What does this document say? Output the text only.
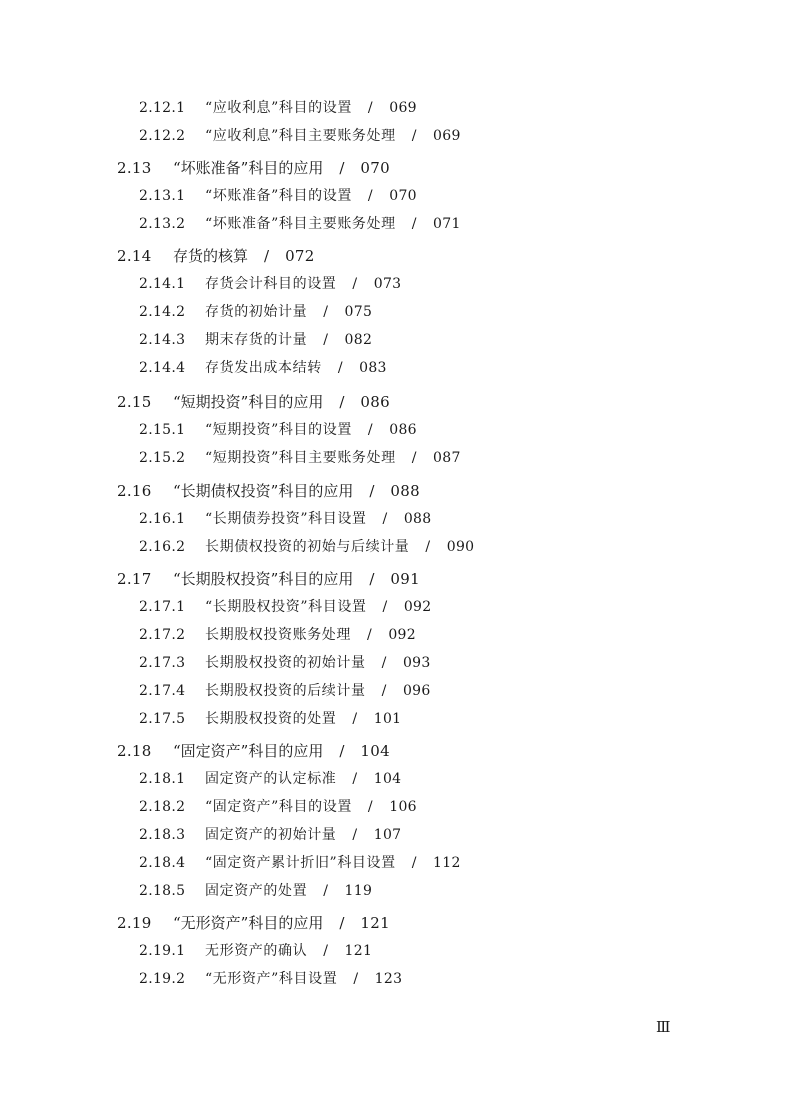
2.12.1 “应收利息”科目的设置 / 069
2.12.2 “应收利息”科目主要账务处理 / 069
2.13 “坏账准备”科目的应用 / 070
2.13.1 “坏账准备”科目的设置 / 070
2.13.2 “坏账准备”科目主要账务处理 / 071
2.14 存货的核算 / 072
2.14.1 存货会计科目的设置 / 073
2.14.2 存货的初始计量 / 075
2.14.3 期末存货的计量 / 082
2.14.4 存货发出成本结转 / 083
2.15 “短期投资”科目的应用 / 086
2.15.1 “短期投资”科目的设置 / 086
2.15.2 “短期投资”科目主要账务处理 / 087
2.16 “长期债权投资”科目的应用 / 088
2.16.1 “长期债券投资”科目设置 / 088
2.16.2 长期债权投资的初始与后续计量 / 090
2.17 “长期股权投资”科目的应用 / 091
2.17.1 “长期股权投资”科目设置 / 092
2.17.2 长期股权投资账务处理 / 092
2.17.3 长期股权投资的初始计量 / 093
2.17.4 长期股权投资的后续计量 / 096
2.17.5 长期股权投资的处置 / 101
2.18 “固定资产”科目的应用 / 104
2.18.1 固定资产的认定标准 / 104
2.18.2 “固定资产”科目的设置 / 106
2.18.3 固定资产的初始计量 / 107
2.18.4 “固定资产累计折旧”科目设置 / 112
2.18.5 固定资产的处置 / 119
2.19 “无形资产”科目的应用 / 121
2.19.1 无形资产的确认 / 121
2.19.2 “无形资产”科目设置 / 123
Ⅲ
